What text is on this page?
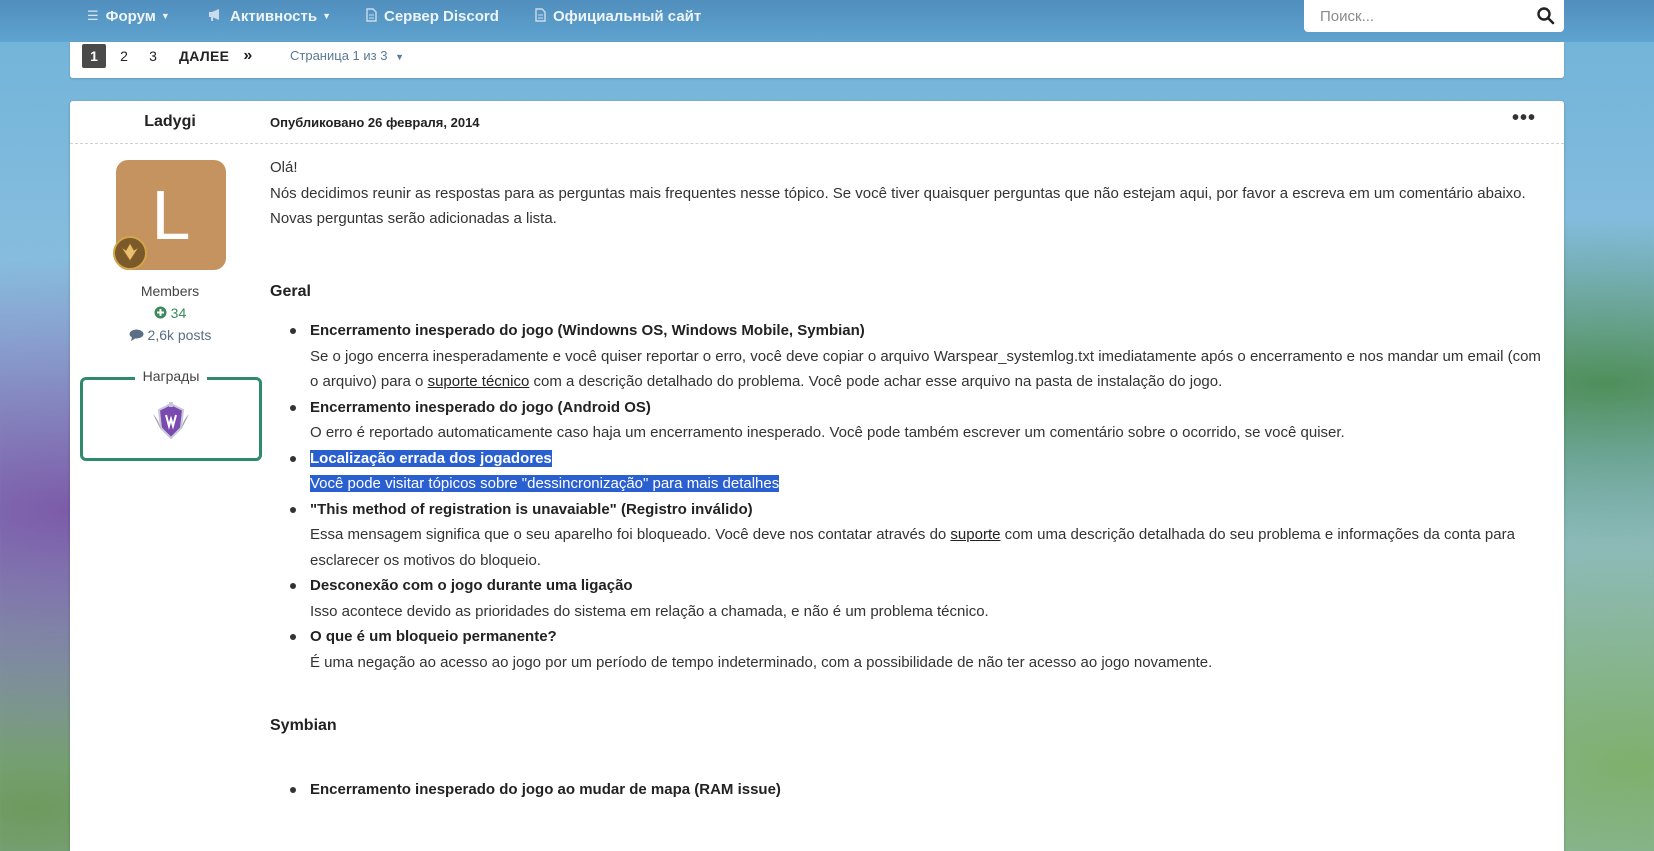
☰ Форум ▼	Активность ▼	Сервер Discord	Официальный сайт
Поиск...
1	2	3	ДАЛЕЕ »	Страница 1 из 3 ▼
Ladygi	Опубликовано 26 февраля, 2014	•••
L
Members
34
2,6k posts
Награды

Olá!

Nós decidimos reunir as respostas para as perguntas mais frequentes nesse tópico. Se você tiver quaisquer perguntas que não estejam aqui, por favor a escreva em um comentário abaixo.

Novas perguntas serão adicionadas a lista.

Geral

Encerramento inesperado do jogo (Windowns OS, Windows Mobile, Symbian)
Se o jogo encerra inesperadamente e você quiser reportar o erro, você deve copiar o arquivo Warspear_systemlog.txt imediatamente após o encerramento e nos mandar um email (com o arquivo) para o suporte técnico com a descrição detalhado do problema. Você pode achar esse arquivo na pasta de instalação do jogo.
Encerramento inesperado do jogo (Android OS)
O erro é reportado automaticamente caso haja um encerramento inesperado. Você pode também escrever um comentário sobre o ocorrido, se você quiser.
Localização errada dos jogadores
Você pode visitar tópicos sobre "dessincronização" para mais detalhes
"This method of registration is unavaiable" (Registro inválido)
Essa mensagem significa que o seu aparelho foi bloqueado. Você deve nos contatar através do suporte com uma descrição detalhada do seu problema e informações da conta para esclarecer os motivos do bloqueio.
Desconexão com o jogo durante uma ligação
Isso acontece devido as prioridades do sistema em relação a chamada, e não é um problema técnico.
O que é um bloqueio permanente?
É uma negação ao acesso ao jogo por um período de tempo indeterminado, com a possibilidade de não ter acesso ao jogo novamente.

Symbian

Encerramento inesperado do jogo ao mudar de mapa (RAM issue)
